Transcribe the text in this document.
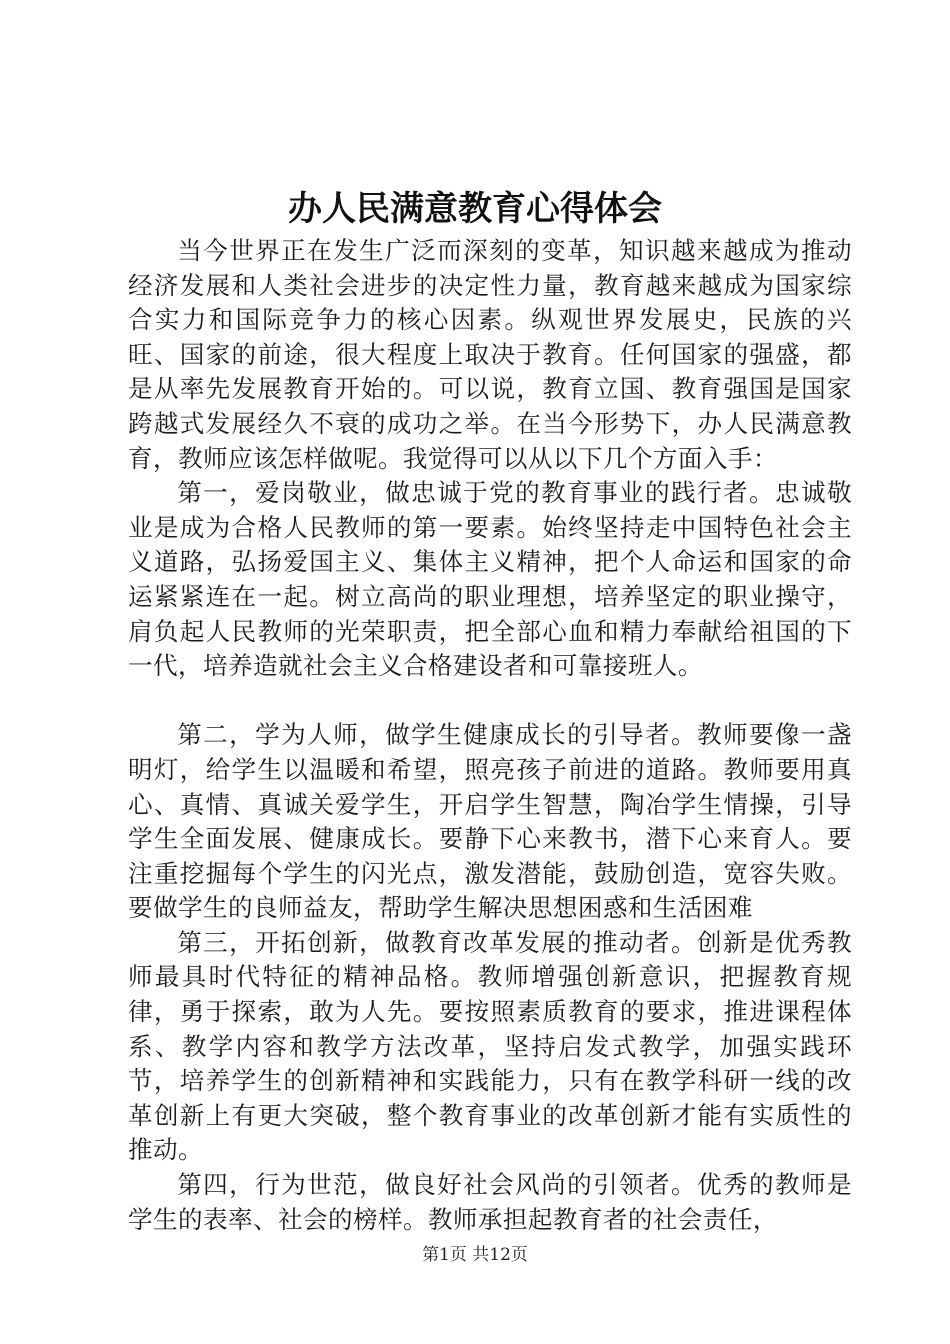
办人民满意教育心得体会

当今世界正在发生广泛而深刻的变革，知识越来越成为推动经济发展和人类社会进步的决定性力量，教育越来越成为国家综合实力和国际竞争力的核心因素。纵观世界发展史，民族的兴旺、国家的前途，很大程度上取决于教育。任何国家的强盛，都是从率先发展教育开始的。可以说，教育立国、教育强国是国家跨越式发展经久不衰的成功之举。在当今形势下，办人民满意教育，教师应该怎样做呢。我觉得可以从以下几个方面入手：

第一，爱岗敬业，做忠诚于党的教育事业的践行者。忠诚敬业是成为合格人民教师的第一要素。始终坚持走中国特色社会主义道路，弘扬爱国主义、集体主义精神，把个人命运和国家的命运紧紧连在一起。树立高尚的职业理想，培养坚定的职业操守，肩负起人民教师的光荣职责，把全部心血和精力奉献给祖国的下一代，培养造就社会主义合格建设者和可靠接班人。

第二，学为人师，做学生健康成长的引导者。教师要像一盏明灯，给学生以温暖和希望，照亮孩子前进的道路。教师要用真心、真情、真诚关爱学生，开启学生智慧，陶冶学生情操，引导学生全面发展、健康成长。要静下心来教书，潜下心来育人。要注重挖掘每个学生的闪光点，激发潜能，鼓励创造，宽容失败。要做学生的良师益友，帮助学生解决思想困惑和生活困难

第三，开拓创新，做教育改革发展的推动者。创新是优秀教师最具时代特征的精神品格。教师增强创新意识，把握教育规律，勇于探索，敢为人先。要按照素质教育的要求，推进课程体系、教学内容和教学方法改革，坚持启发式教学，加强实践环节，培养学生的创新精神和实践能力，只有在教学科研一线的改革创新上有更大突破，整个教育事业的改革创新才能有实质性的推动。

第四，行为世范，做良好社会风尚的引领者。优秀的教师是学生的表率、社会的榜样。教师承担起教育者的社会责任，

第1页 共12页
